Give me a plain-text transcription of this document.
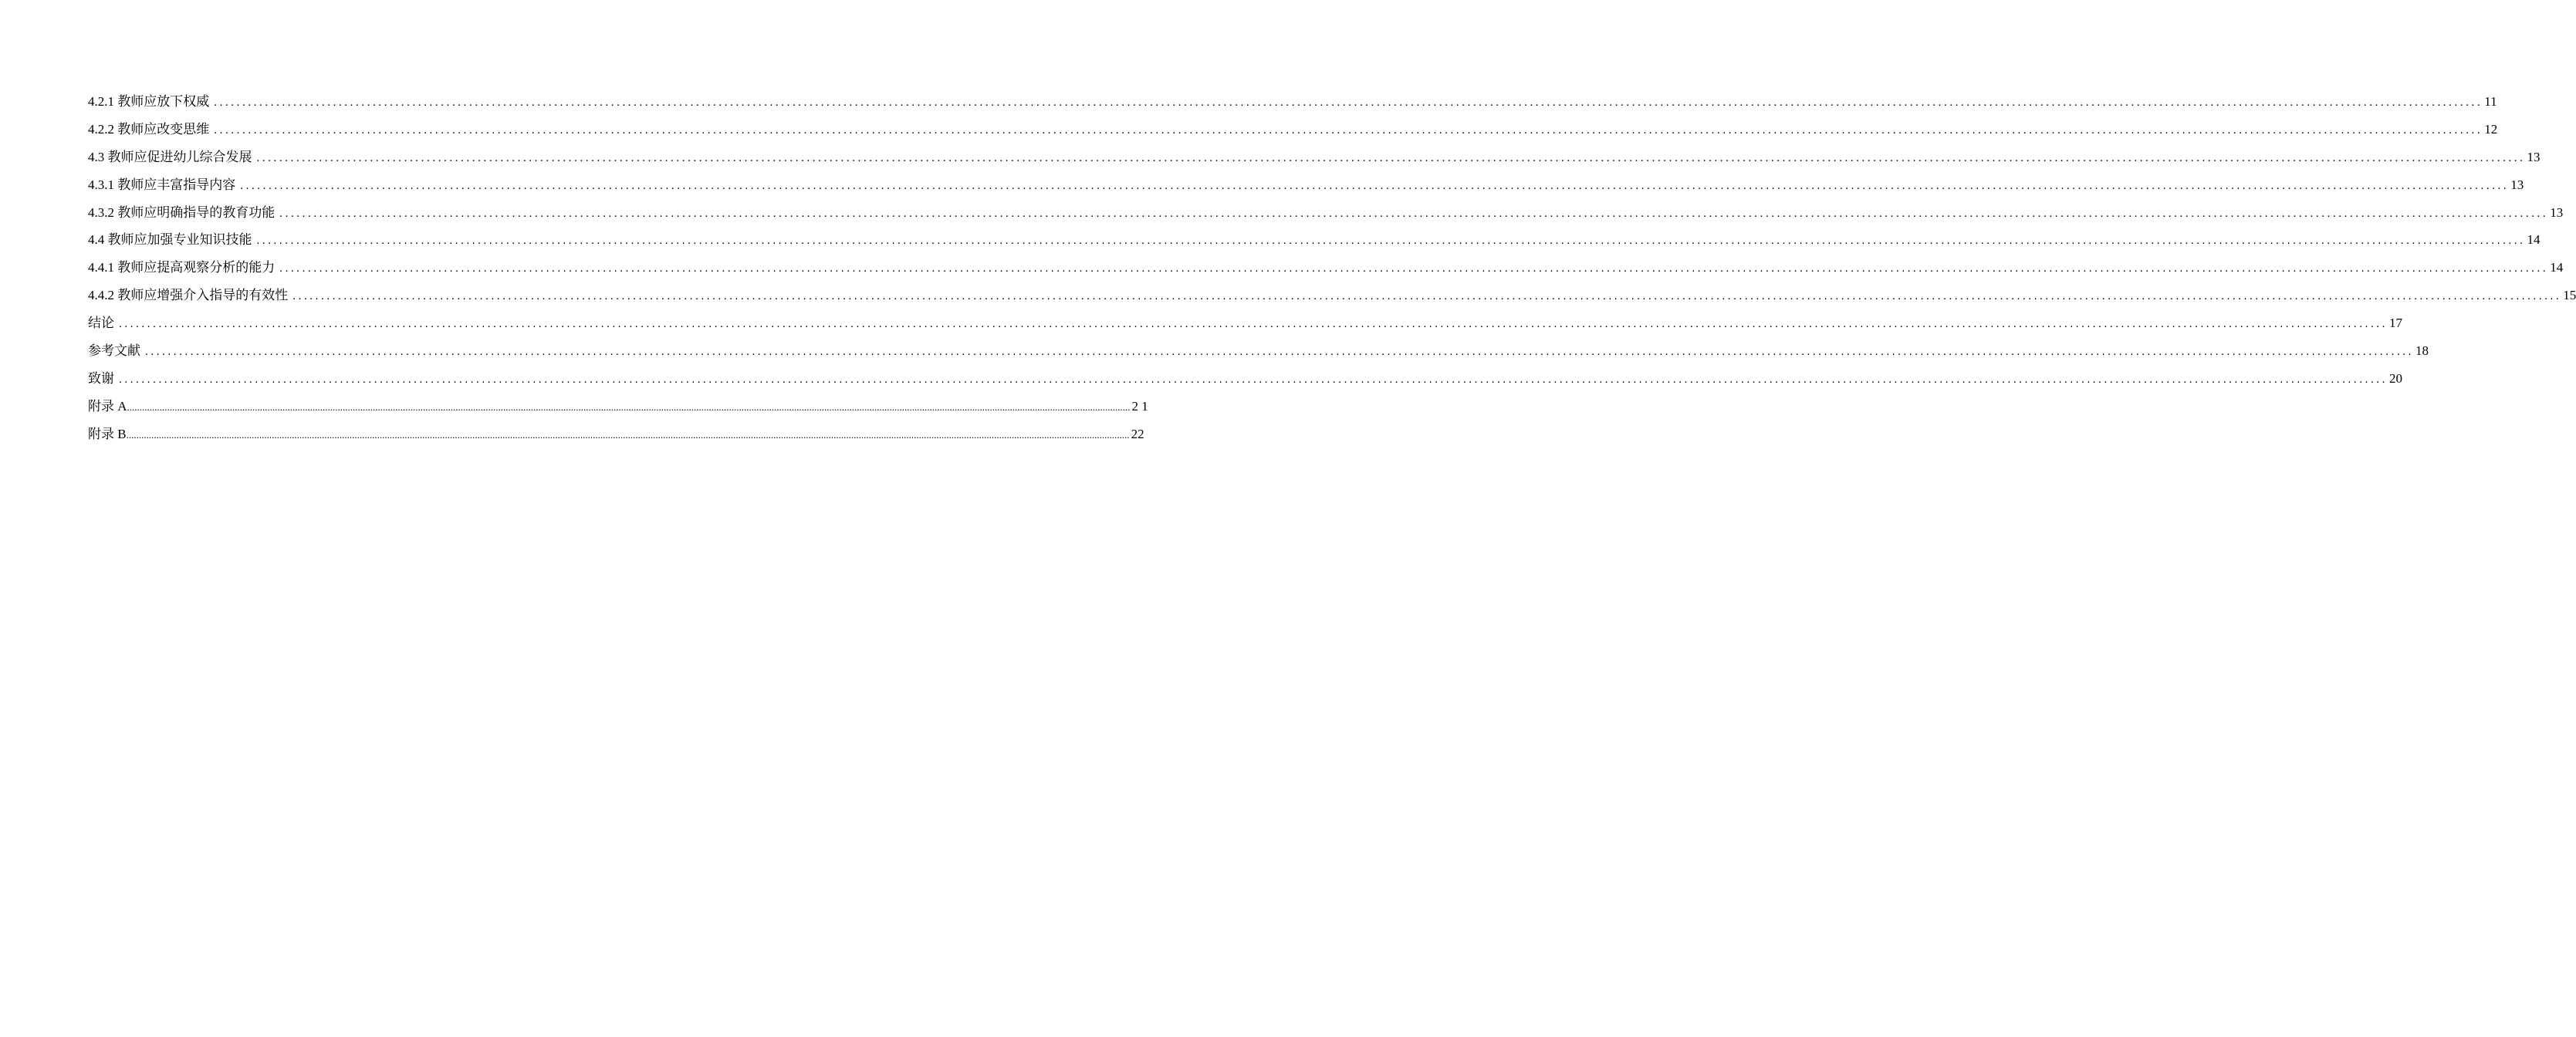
4.2.1 教师应放下权威 ................................................................................................................................................................................................................................................................................................................................................................................................................ 11
4.2.2 教师应改变思维 ................................................................................................................................................................................................................................................................................................................................................................................................................ 12
4.3 教师应促进幼儿综合发展 ................................................................................................................................................................................................................................................................................................................................................................................................................ 13
4.3.1 教师应丰富指导内容 ................................................................................................................................................................................................................................................................................................................................................................................................................ 13
4.3.2 教师应明确指导的教育功能 ................................................................................................................................................................................................................................................................................................................................................................................................................ 13
4.4 教师应加强专业知识技能 ................................................................................................................................................................................................................................................................................................................................................................................................................ 14
4.4.1 教师应提高观察分析的能力 ................................................................................................................................................................................................................................................................................................................................................................................................................ 14
4.4.2 教师应增强介入指导的有效性 ................................................................................................................................................................................................................................................................................................................................................................................................................ 15
结论 ................................................................................................................................................................................................................................................................................................................................................................................................................ 17
参考文献 ................................................................................................................................................................................................................................................................................................................................................................................................................ 18
致谢 ................................................................................................................................................................................................................................................................................................................................................................................................................ 20
附录 A ................................................................................................................................................................................................................................................................................................................................................................................................................ 2 1
附录 B ................................................................................................................................................................................................................................................................................................................................................................................................................ 22
